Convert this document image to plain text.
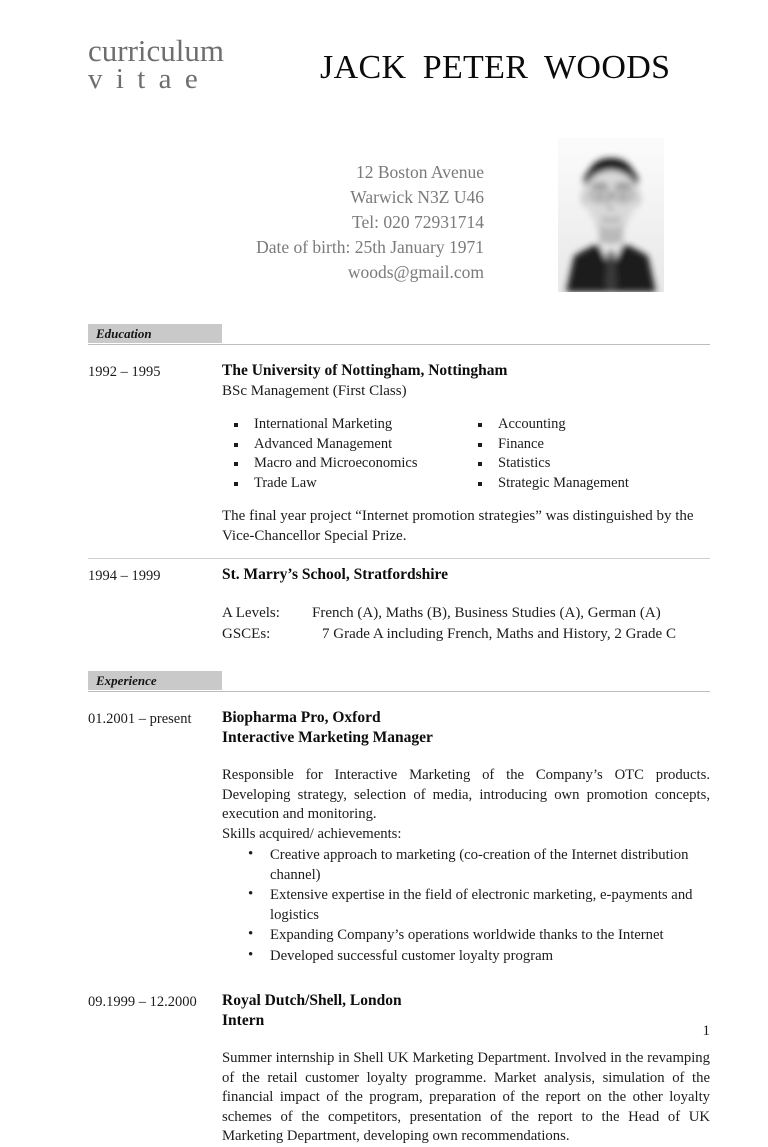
curriculum
vitae	JACK PETER WOODS
12 Boston Avenue
Warwick N3Z U46
Tel: 020 72931714
Date of birth: 25th January 1971
woods@gmail.com
Education
1992 – 1995	The University of Nottingham, Nottingham
BSc Management (First Class)
International Marketing
Advanced Management
Macro and Microeconomics
Trade Law
Accounting
Finance
Statistics
Strategic Management
The final year project “Internet promotion strategies” was distinguished by the Vice-Chancellor Special Prize.
1994 – 1999	St. Marry’s School, Stratfordshire
A Levels:	French (A), Maths (B), Business Studies (A), German (A)
GSCEs:	7 Grade A including French, Maths and History, 2 Grade C
Experience
01.2001 – present	Biopharma Pro, Oxford
Interactive Marketing Manager
Responsible for Interactive Marketing of the Company’s OTC products. Developing strategy, selection of media, introducing own promotion concepts, execution and monitoring.
Skills acquired/ achievements:
• Creative approach to marketing (co-creation of the Internet distribution channel)
• Extensive expertise in the field of electronic marketing, e-payments and logistics
• Expanding Company’s operations worldwide thanks to the Internet
• Developed successful customer loyalty program
09.1999 – 12.2000	Royal Dutch/Shell, London
Intern
Summer internship in Shell UK Marketing Department. Involved in the revamping of the retail customer loyalty programme. Market analysis, simulation of the financial impact of the program, preparation of the report on the other loyalty schemes of the competitors, presentation of the report to the Head of UK Marketing Department, developing own recommendations.
1
